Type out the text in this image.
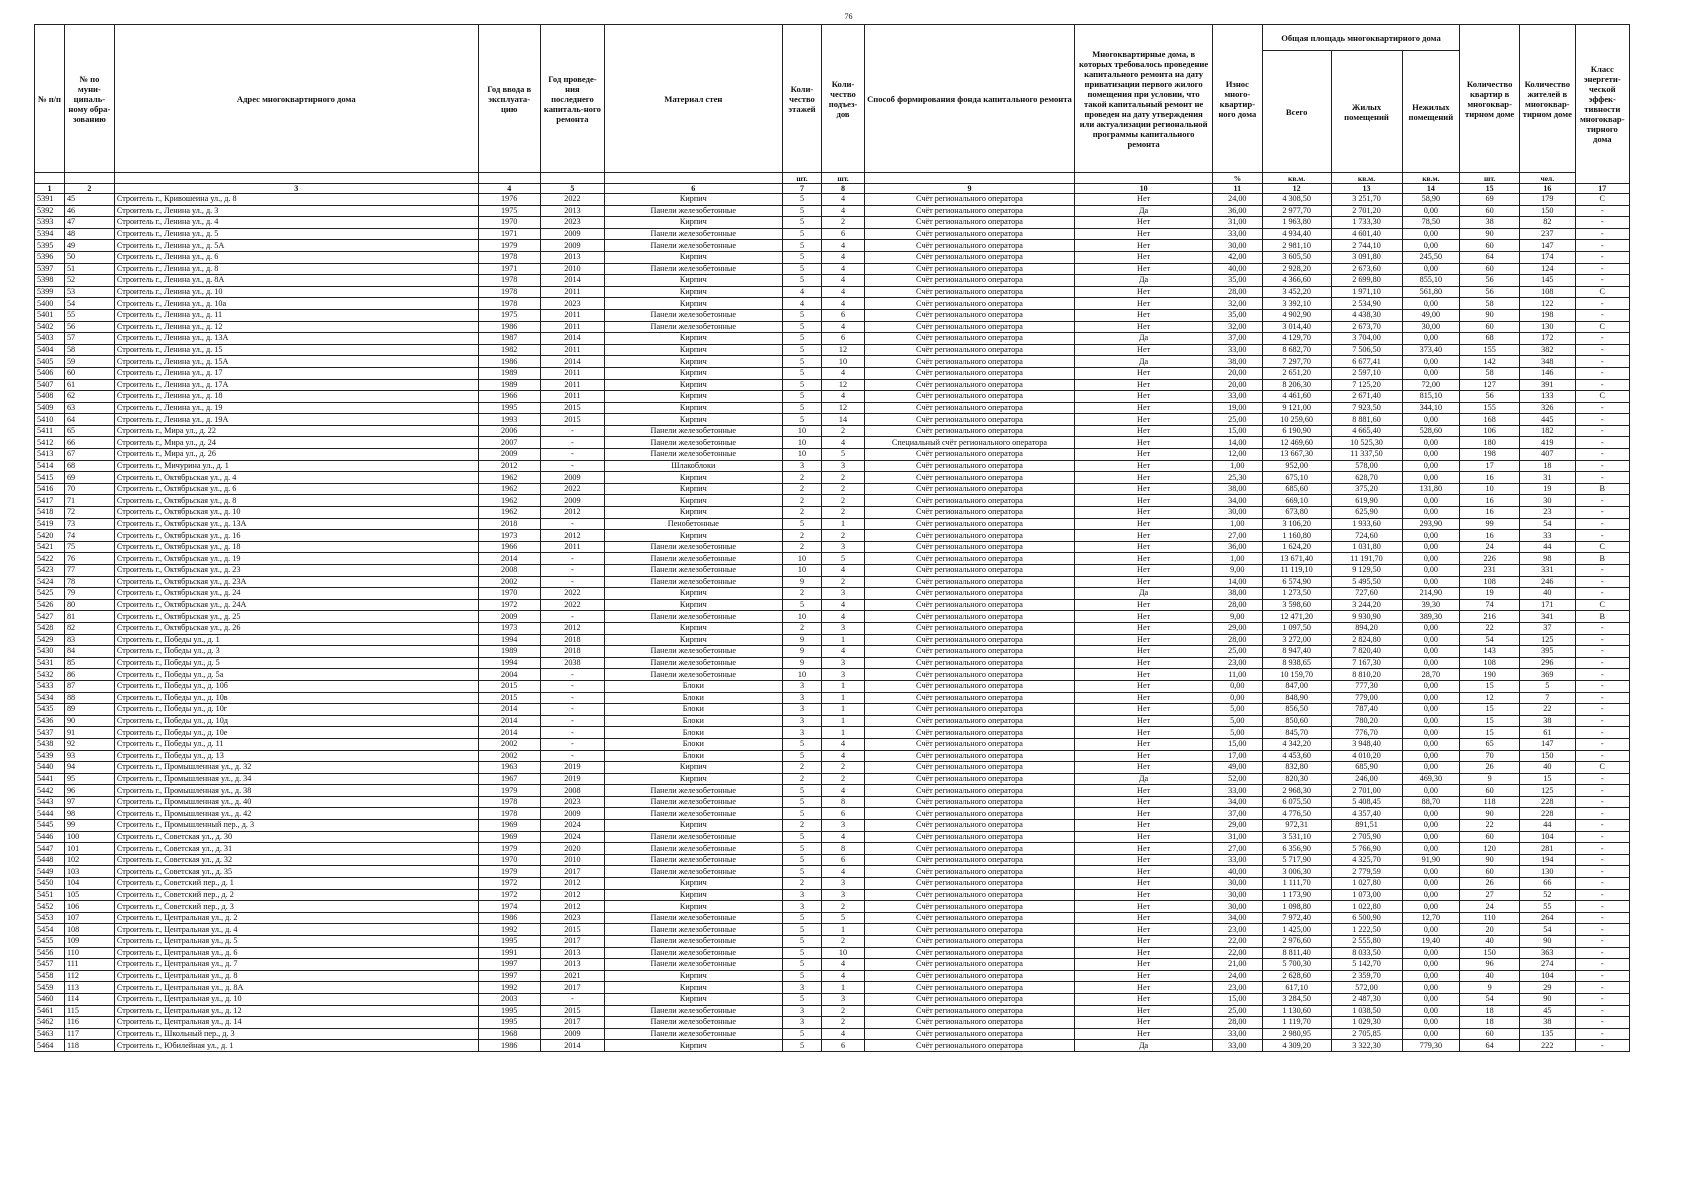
76
№ п/п	№ по муни-ципаль-ному обра-зованию	Адрес многоквартирного дома	Год ввода в эксплуата-цию	Год проведе-ния последнего капиталь-ного ремонта	Материал стен	Коли-чество этажей	Коли-чество подъез-дов	Способ формирования фонда капитального ремонта	Многоквартирные дома, в которых требовалось проведение капитального ремонта на дату приватизации первого жилого помещения при условии, что такой капитальный ремонт не проведен на дату утверждения или актуализации региональной программы капитального ремонта	Износ много-квартир-ного дома	Общая площадь многоквартирного дома			Количество квартир в многоквар-тирном доме	Количество жителей в многоквар-тирном доме	Класс энергети-ческой эффек-тивности многоквар-тирного дома
											Всего	Жилых помещений	Нежилых помещений			
						шт.	шт.			%	кв.м.	кв.м.	кв.м.	шт.	чел.	
1	2	3	4	5	6	7	8	9	10	11	12	13	14	15	16	17
5391	45	Строитель г., Кривошеина ул., д. 8	1976	2022	Кирпич	5	4	Счёт регионального оператора	Нет	24,00	4 308,50	3 251,70	58,90	69	179	C
5392	46	Строитель г., Ленина ул., д. 3	1975	2013	Панели железобетонные	5	4	Счёт регионального оператора	Да	36,00	2 977,70	2 701,20	0,00	60	150	-
5393	47	Строитель г., Ленина ул., д. 4	1970	2023	Кирпич	5	2	Счёт регионального оператора	Нет	31,00	1 963,80	1 733,30	78,50	38	82	-
5394	48	Строитель г., Ленина ул., д. 5	1971	2009	Панели железобетонные	5	6	Счёт регионального оператора	Нет	33,00	4 934,40	4 601,40	0,00	90	237	-
5395	49	Строитель г., Ленина ул., д. 5А	1979	2009	Панели железобетонные	5	4	Счёт регионального оператора	Нет	30,00	2 981,10	2 744,10	0,00	60	147	-
5396	50	Строитель г., Ленина ул., д. 6	1978	2013	Кирпич	5	4	Счёт регионального оператора	Нет	42,00	3 605,50	3 091,80	245,50	64	174	-
5397	51	Строитель г., Ленина ул., д. 8	1971	2010	Панели железобетонные	5	4	Счёт регионального оператора	Нет	40,00	2 928,20	2 673,60	0,00	60	124	-
5398	52	Строитель г., Ленина ул., д. 8А	1978	2014	Кирпич	5	4	Счёт регионального оператора	Да	35,00	4 366,60	2 699,80	855,10	56	145	-
5399	53	Строитель г., Ленина ул., д. 10	1978	2011	Кирпич	4	4	Счёт регионального оператора	Нет	28,00	3 452,20	1 971,10	561,80	56	108	C
5400	54	Строитель г., Ленина ул., д. 10а	1978	2023	Кирпич	4	4	Счёт регионального оператора	Нет	32,00	3 392,10	2 534,90	0,00	58	122	-
5401	55	Строитель г., Ленина ул., д. 11	1975	2011	Панели железобетонные	5	6	Счёт регионального оператора	Нет	35,00	4 902,90	4 438,30	49,00	90	198	-
5402	56	Строитель г., Ленина ул., д. 12	1986	2011	Панели железобетонные	5	4	Счёт регионального оператора	Нет	32,00	3 014,40	2 673,70	30,00	60	130	C
5403	57	Строитель г., Ленина ул., д. 13А	1987	2014	Кирпич	5	6	Счёт регионального оператора	Да	37,00	4 129,70	3 704,00	0,00	68	172	-
5404	58	Строитель г., Ленина ул., д. 15	1982	2011	Кирпич	5	12	Счёт регионального оператора	Нет	33,00	8 682,70	7 506,50	373,40	155	382	-
5405	59	Строитель г., Ленина ул., д. 15А	1986	2014	Кирпич	5	10	Счёт регионального оператора	Да	38,00	7 297,70	6 677,41	0,00	142	348	-
5406	60	Строитель г., Ленина ул., д. 17	1989	2011	Кирпич	5	4	Счёт регионального оператора	Нет	20,00	2 651,20	2 597,10	0,00	58	146	-
5407	61	Строитель г., Ленина ул., д. 17А	1989	2011	Кирпич	5	12	Счёт регионального оператора	Нет	20,00	8 206,30	7 125,20	72,00	127	391	-
5408	62	Строитель г., Ленина ул., д. 18	1966	2011	Кирпич	5	4	Счёт регионального оператора	Нет	33,00	4 461,60	2 671,40	815,10	56	133	C
5409	63	Строитель г., Ленина ул., д. 19	1995	2015	Кирпич	5	12	Счёт регионального оператора	Нет	19,00	9 121,00	7 923,50	344,10	155	326	-
5410	64	Строитель г., Ленина ул., д. 19А	1993	2015	Кирпич	5	14	Счёт регионального оператора	Нет	25,00	10 259,60	8 881,60	0,00	168	445	-
5411	65	Строитель г., Мира ул., д. 22	2006	-	Панели железобетонные	10	2	Счёт регионального оператора	Нет	15,00	6 190,90	4 665,40	528,60	106	182	-
5412	66	Строитель г., Мира ул., д. 24	2007	-	Панели железобетонные	10	4	Специальный счёт регионального оператора	Нет	14,00	12 469,60	10 525,30	0,00	180	419	-
5413	67	Строитель г., Мира ул., д. 26	2009	-	Панели железобетонные	10	5	Счёт регионального оператора	Нет	12,00	13 667,30	11 337,50	0,00	198	407	-
5414	68	Строитель г., Мичурина ул., д. 1	2012	-	Шлакоблоки	3	3	Счёт регионального оператора	Нет	1,00	952,00	578,00	0,00	17	18	-
5415	69	Строитель г., Октябрьская ул., д. 4	1962	2009	Кирпич	2	2	Счёт регионального оператора	Нет	25,30	675,10	628,70	0,00	16	31	-
5416	70	Строитель г., Октябрьская ул., д. 6	1962	2022	Кирпич	2	2	Счёт регионального оператора	Нет	38,00	685,60	375,20	131,80	10	19	B
5417	71	Строитель г., Октябрьская ул., д. 8	1962	2009	Кирпич	2	2	Счёт регионального оператора	Нет	34,00	669,10	619,90	0,00	16	30	-
5418	72	Строитель г., Октябрьская ул., д. 10	1962	2012	Кирпич	2	2	Счёт регионального оператора	Нет	30,00	673,80	625,90	0,00	16	23	-
5419	73	Строитель г., Октябрьская ул., д. 13А	2018	-	Пенобетонные	5	1	Счёт регионального оператора	Нет	1,00	3 106,20	1 933,60	293,90	99	54	-
5420	74	Строитель г., Октябрьская ул., д. 16	1973	2012	Кирпич	2	2	Счёт регионального оператора	Нет	27,00	1 160,80	724,60	0,00	16	33	-
5421	75	Строитель г., Октябрьская ул., д. 18	1966	2011	Панели железобетонные	2	3	Счёт регионального оператора	Нет	36,00	1 624,20	1 031,80	0,00	24	44	C
5422	76	Строитель г., Октябрьская ул., д. 19	2014	-	Панели железобетонные	10	5	Счёт регионального оператора	Нет	1,00	13 671,40	11 191,70	0,00	226	98	B
5423	77	Строитель г., Октябрьская ул., д. 23	2008	-	Панели железобетонные	10	4	Счёт регионального оператора	Нет	9,00	11 119,10	9 129,50	0,00	231	331	-
5424	78	Строитель г., Октябрьская ул., д. 23А	2002	-	Панели железобетонные	9	2	Счёт регионального оператора	Нет	14,00	6 574,90	5 495,50	0,00	108	246	-
5425	79	Строитель г., Октябрьская ул., д. 24	1970	2022	Кирпич	2	3	Счёт регионального оператора	Да	38,00	1 273,50	727,60	214,90	19	40	-
5426	80	Строитель г., Октябрьская ул., д. 24А	1972	2022	Кирпич	5	4	Счёт регионального оператора	Нет	28,00	3 598,60	3 244,20	39,30	74	171	C
5427	81	Строитель г., Октябрьская ул., д. 25	2009	-	Панели железобетонные	10	4	Счёт регионального оператора	Нет	9,00	12 471,20	9 930,90	389,30	216	341	B
5428	82	Строитель г., Октябрьская ул., д. 26	1973	2012	Кирпич	2	3	Счёт регионального оператора	Нет	29,00	1 097,50	894,20	0,00	22	37	-
5429	83	Строитель г., Победы ул., д. 1	1994	2018	Кирпич	9	1	Счёт регионального оператора	Нет	28,00	3 272,00	2 824,80	0,00	54	125	-
5430	84	Строитель г., Победы ул., д. 3	1989	2018	Панели железобетонные	9	4	Счёт регионального оператора	Нет	25,00	8 947,40	7 820,40	0,00	143	395	-
5431	85	Строитель г., Победы ул., д. 5	1994	2038	Панели железобетонные	9	3	Счёт регионального оператора	Нет	23,00	8 938,65	7 167,30	0,00	108	296	-
5432	86	Строитель г., Победы ул., д. 5а	2004	-	Панели железобетонные	10	3	Счёт регионального оператора	Нет	11,00	10 159,70	8 810,20	28,70	190	369	-
5433	87	Строитель г., Победы ул., д. 10б	2015	-	Блоки	3	1	Счёт регионального оператора	Нет	0,00	847,00	777,30	0,00	15	5	-
5434	88	Строитель г., Победы ул., д. 10в	2015	-	Блоки	3	1	Счёт регионального оператора	Нет	0,00	848,90	779,00	0,00	12	7	-
5435	89	Строитель г., Победы ул., д. 10г	2014	-	Блоки	3	1	Счёт регионального оператора	Нет	5,00	856,50	787,40	0,00	15	22	-
5436	90	Строитель г., Победы ул., д. 10д	2014	-	Блоки	3	1	Счёт регионального оператора	Нет	5,00	850,60	780,20	0,00	15	38	-
5437	91	Строитель г., Победы ул., д. 10е	2014	-	Блоки	3	1	Счёт регионального оператора	Нет	5,00	845,70	776,70	0,00	15	61	-
5438	92	Строитель г., Победы ул., д. 11	2002	-	Блоки	5	4	Счёт регионального оператора	Нет	15,00	4 342,20	3 948,40	0,00	65	147	-
5439	93	Строитель г., Победы ул., д. 13	2002	-	Блоки	5	4	Счёт регионального оператора	Нет	17,00	4 453,60	4 010,20	0,00	70	150	-
5440	94	Строитель г., Промышленная ул., д. 32	1963	2019	Кирпич	2	2	Счёт регионального оператора	Нет	49,00	832,80	685,90	0,00	26	40	C
5441	95	Строитель г., Промышленная ул., д. 34	1967	2019	Кирпич	2	2	Счёт регионального оператора	Да	52,00	820,30	246,00	469,30	9	15	-
5442	96	Строитель г., Промышленная ул., д. 38	1979	2008	Панели железобетонные	5	4	Счёт регионального оператора	Нет	33,00	2 968,30	2 701,00	0,00	60	125	-
5443	97	Строитель г., Промышленная ул., д. 40	1978	2023	Панели железобетонные	5	8	Счёт регионального оператора	Нет	34,00	6 075,50	5 408,45	88,70	118	228	-
5444	98	Строитель г., Промышленная ул., д. 42	1978	2009	Панели железобетонные	5	6	Счёт регионального оператора	Нет	37,00	4 776,50	4 357,40	0,00	90	228	-
5445	99	Строитель г., Промышленный пер., д. 3	1969	2024	Кирпич	2	3	Счёт регионального оператора	Нет	29,00	972,31	891,51	0,00	22	44	-
5446	100	Строитель г., Советская ул., д. 30	1969	2024	Панели железобетонные	5	4	Счёт регионального оператора	Нет	31,00	3 531,10	2 705,90	0,00	60	104	-
5447	101	Строитель г., Советская ул., д. 31	1979	2020	Панели железобетонные	5	8	Счёт регионального оператора	Нет	27,00	6 356,90	5 766,90	0,00	120	281	-
5448	102	Строитель г., Советская ул., д. 32	1970	2010	Панели железобетонные	5	6	Счёт регионального оператора	Нет	33,00	5 717,90	4 325,70	91,90	90	194	-
5449	103	Строитель г., Советская ул., д. 35	1979	2017	Панели железобетонные	5	4	Счёт регионального оператора	Нет	40,00	3 006,30	2 779,59	0,00	60	130	-
5450	104	Строитель г., Советский пер., д. 1	1972	2012	Кирпич	2	3	Счёт регионального оператора	Нет	30,00	1 111,70	1 027,80	0,00	26	66	-
5451	105	Строитель г., Советский пер., д. 2	1972	2012	Кирпич	3	3	Счёт регионального оператора	Нет	30,00	1 173,90	1 073,00	0,00	27	52	-
5452	106	Строитель г., Советский пер., д. 3	1974	2012	Кирпич	3	2	Счёт регионального оператора	Нет	30,00	1 098,80	1 022,80	0,00	24	55	-
5453	107	Строитель г., Центральная ул., д. 2	1986	2023	Панели железобетонные	5	5	Счёт регионального оператора	Нет	34,00	7 972,40	6 500,90	12,70	110	264	-
5454	108	Строитель г., Центральная ул., д. 4	1992	2015	Панели железобетонные	5	1	Счёт регионального оператора	Нет	23,00	1 425,00	1 222,50	0,00	20	54	-
5455	109	Строитель г., Центральная ул., д. 5	1995	2017	Панели железобетонные	5	2	Счёт регионального оператора	Нет	22,00	2 976,60	2 555,80	19,40	40	90	-
5456	110	Строитель г., Центральная ул., д. 6	1991	2013	Панели железобетонные	5	10	Счёт регионального оператора	Нет	22,00	8 811,40	8 033,50	0,00	150	363	-
5457	111	Строитель г., Центральная ул., д. 7	1997	2013	Панели железобетонные	5	4	Счёт регионального оператора	Нет	21,00	5 700,30	5 142,70	0,00	96	274	-
5458	112	Строитель г., Центральная ул., д. 8	1997	2021	Кирпич	5	4	Счёт регионального оператора	Нет	24,00	2 628,60	2 359,70	0,00	40	104	-
5459	113	Строитель г., Центральная ул., д. 8А	1992	2017	Кирпич	3	1	Счёт регионального оператора	Нет	23,00	617,10	572,00	0,00	9	29	-
5460	114	Строитель г., Центральная ул., д. 10	2003	-	Кирпич	5	3	Счёт регионального оператора	Нет	15,00	3 284,50	2 487,30	0,00	54	90	-
5461	115	Строитель г., Центральная ул., д. 12	1995	2015	Панели железобетонные	3	2	Счёт регионального оператора	Нет	25,00	1 130,60	1 038,50	0,00	18	45	-
5462	116	Строитель г., Центральная ул., д. 14	1995	2017	Панели железобетонные	3	2	Счёт регионального оператора	Нет	28,00	1 119,70	1 029,30	0,00	18	38	-
5463	117	Строитель г., Школьный пер., д. 3	1968	2009	Панели железобетонные	5	4	Счёт регионального оператора	Нет	33,00	2 980,95	2 705,85	0,00	60	135	-
5464	118	Строитель г., Юбилейная ул., д. 1	1986	2014	Кирпич	5	6	Счёт регионального оператора	Да	33,00	4 309,20	3 322,30	779,30	64	222	-
